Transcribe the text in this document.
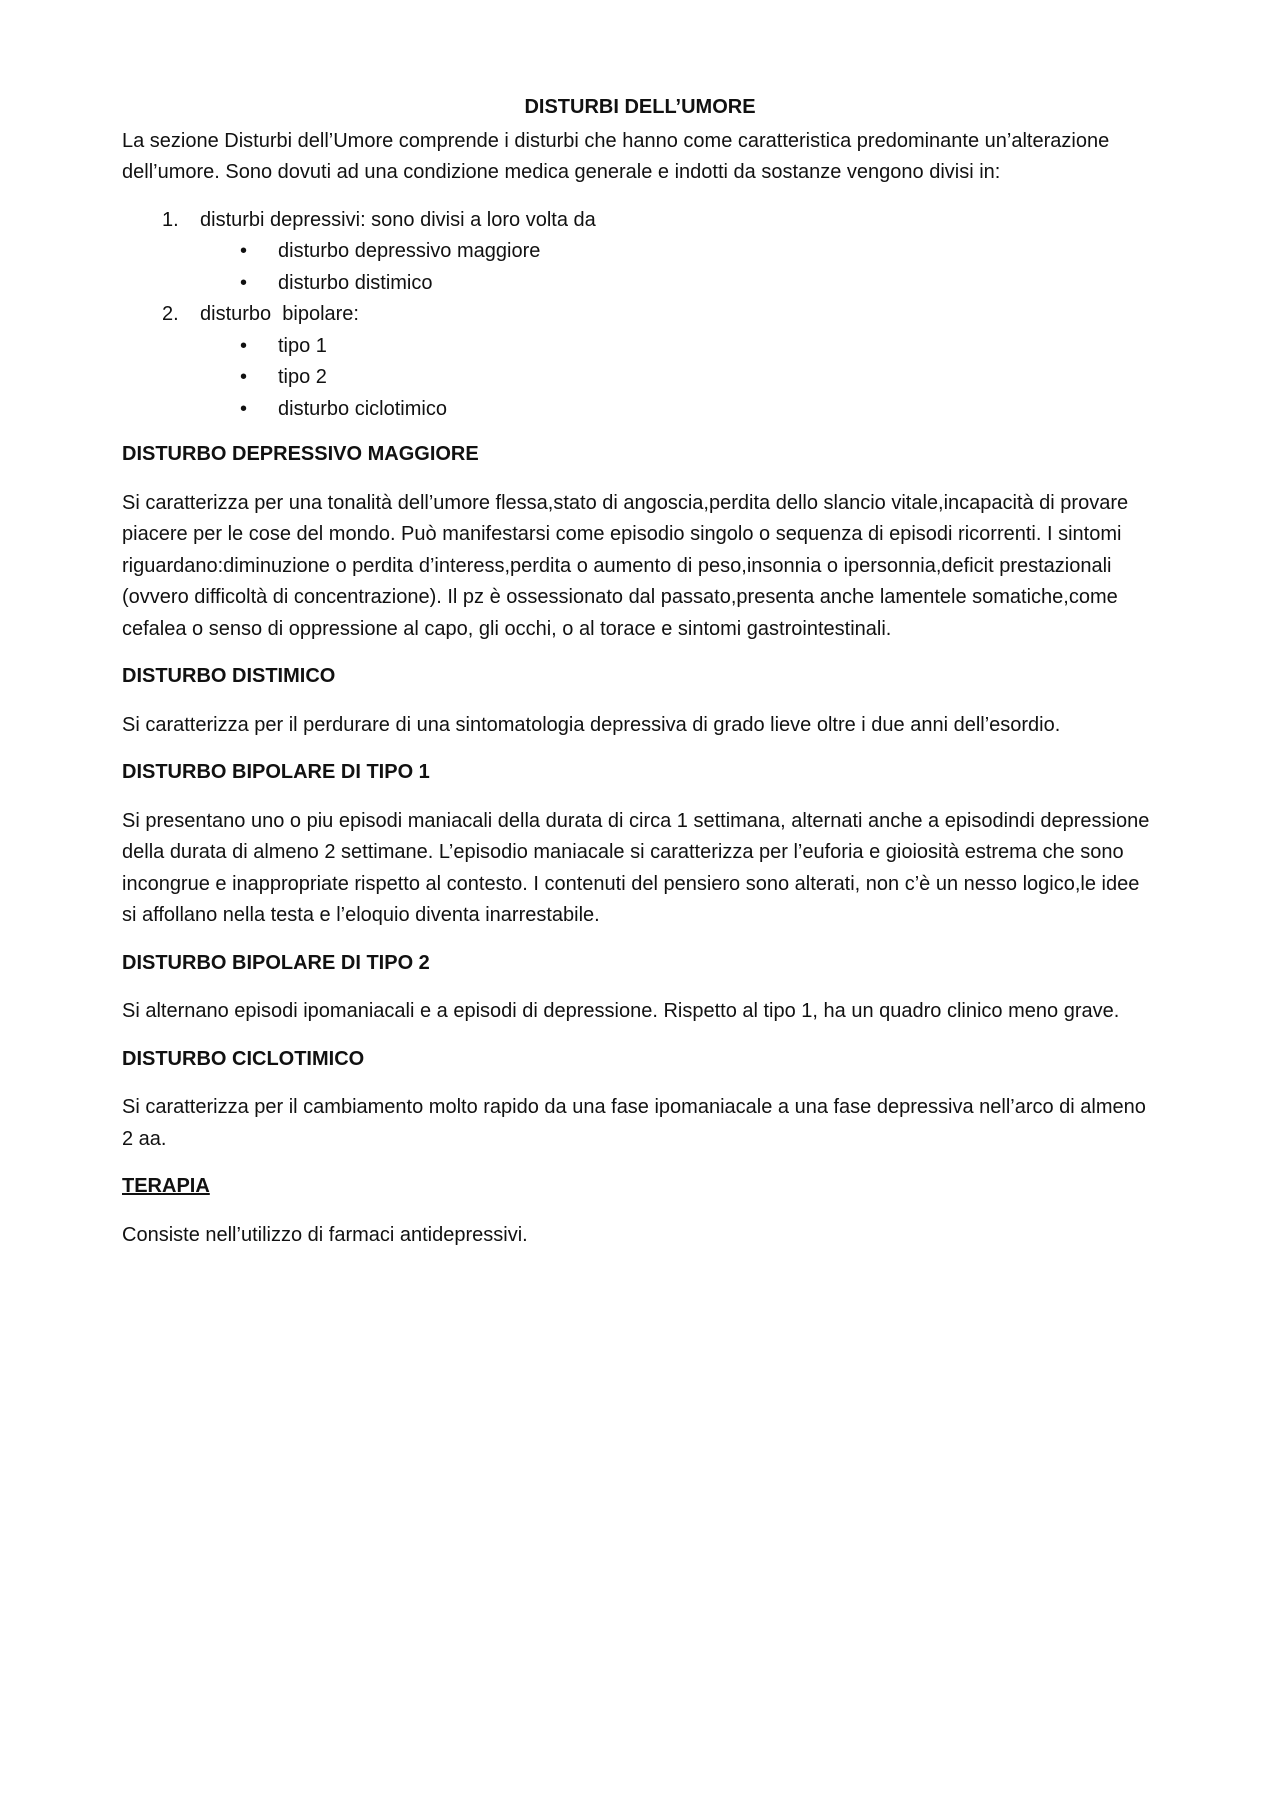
DISTURBI DELL’UMORE

La sezione Disturbi dell’Umore comprende i disturbi che hanno come caratteristica predominante un’alterazione dell’umore. Sono dovuti ad una condizione medica generale e indotti da sostanze vengono divisi in:

1. disturbi depressivi: sono divisi a loro volta da
• disturbo depressivo maggiore
• disturbo distimico
2. disturbo  bipolare:
• tipo 1
• tipo 2
• disturbo ciclotimico
DISTURBO DEPRESSIVO MAGGIORE

Si caratterizza per una tonalità dell’umore flessa,stato di angoscia,perdita dello slancio vitale,incapacità di provare piacere per le cose del mondo. Può manifestarsi come episodio singolo o sequenza di episodi ricorrenti. I sintomi riguardano:diminuzione o perdita d’interess,perdita o aumento di peso,insonnia o ipersonnia,deficit prestazionali (ovvero difficoltà di concentrazione). Il pz è ossessionato dal passato,presenta anche lamentele somatiche,come cefalea o senso di oppressione al capo, gli occhi, o al torace e sintomi gastrointestinali.

DISTURBO DISTIMICO

Si caratterizza per il perdurare di una sintomatologia depressiva di grado lieve oltre i due anni dell’esordio.

DISTURBO BIPOLARE DI TIPO 1

Si presentano uno o piu episodi maniacali della durata di circa 1 settimana, alternati anche a episodindi depressione della durata di almeno 2 settimane. L’episodio maniacale si caratterizza per l’euforia e gioiosità estrema che sono incongrue e inappropriate rispetto al contesto. I contenuti del pensiero sono alterati, non c’è un nesso logico,le idee si affollano nella testa e l’eloquio diventa inarrestabile.

DISTURBO BIPOLARE DI TIPO 2

Si alternano episodi ipomaniacali e a episodi di depressione. Rispetto al tipo 1, ha un quadro clinico meno grave.

DISTURBO CICLOTIMICO

Si caratterizza per il cambiamento molto rapido da una fase ipomaniacale a una fase depressiva nell’arco di almeno 2 aa.

TERAPIA

Consiste nell’utilizzo di farmaci antidepressivi.
